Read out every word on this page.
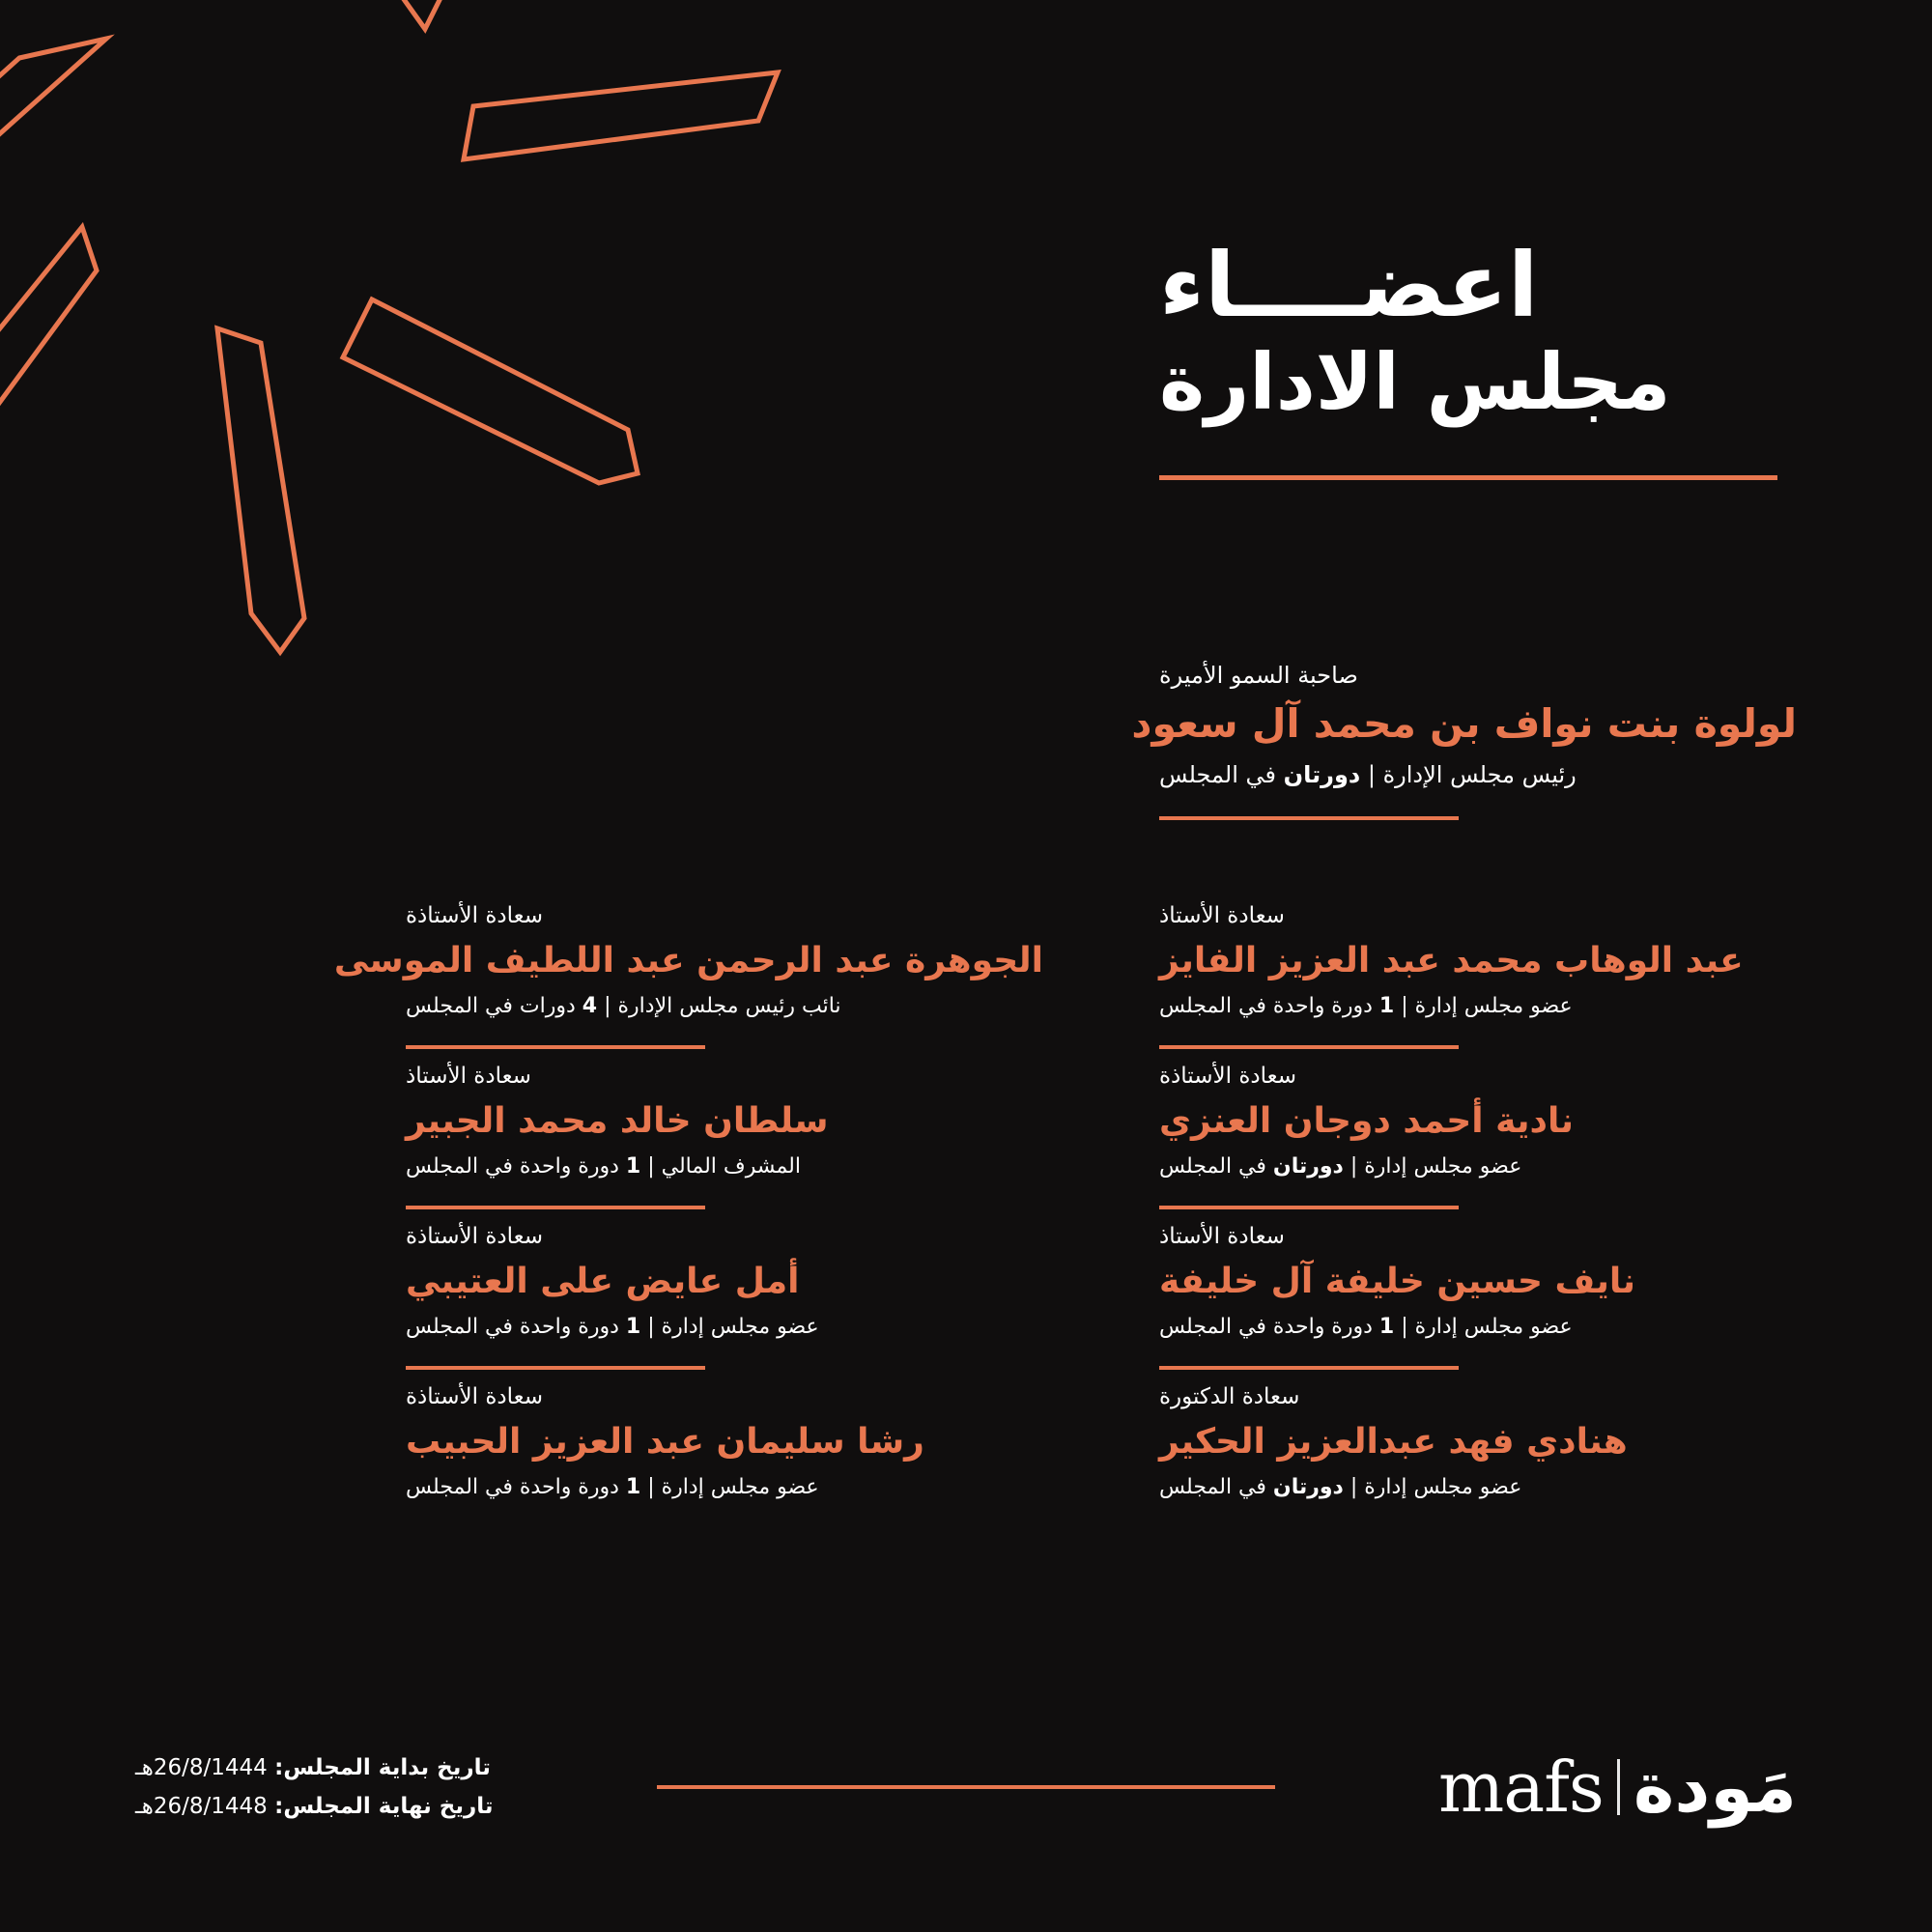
اعضــــاء
مجلس الادارة
صاحبة السمو الأميرة
لولوة بنت نواف بن محمد آل سعود
رئيس مجلس الإدارة | دورتان في المجلس
سعادة الأستاذ
عبد الوهاب محمد عبد العزيز الفايز
عضو مجلس إدارة | 1 دورة واحدة في المجلس
سعادة الأستاذة
نادية أحمد دوجان العنزي
عضو مجلس إدارة | دورتان في المجلس
سعادة الأستاذ
نايف حسين خليفة آل خليفة
عضو مجلس إدارة | 1 دورة واحدة في المجلس
سعادة الدكتورة
هنادي فهد عبدالعزيز الحكير
عضو مجلس إدارة | دورتان في المجلس
سعادة الأستاذة
الجوهرة عبد الرحمن عبد اللطيف الموسى
نائب رئيس مجلس الإدارة | 4 دورات في المجلس
سعادة الأستاذ
سلطان خالد محمد الجبير
المشرف المالي | 1 دورة واحدة في المجلس
سعادة الأستاذة
أمل عايض على العتيبي
عضو مجلس إدارة | 1 دورة واحدة في المجلس
سعادة الأستاذة
رشا سليمان عبد العزيز الحبيب
عضو مجلس إدارة | 1 دورة واحدة في المجلس
تاريخ بداية المجلس: 26/8/1444هـ
تاريخ نهاية المجلس: 26/8/1448هـ	mafs مَودة
